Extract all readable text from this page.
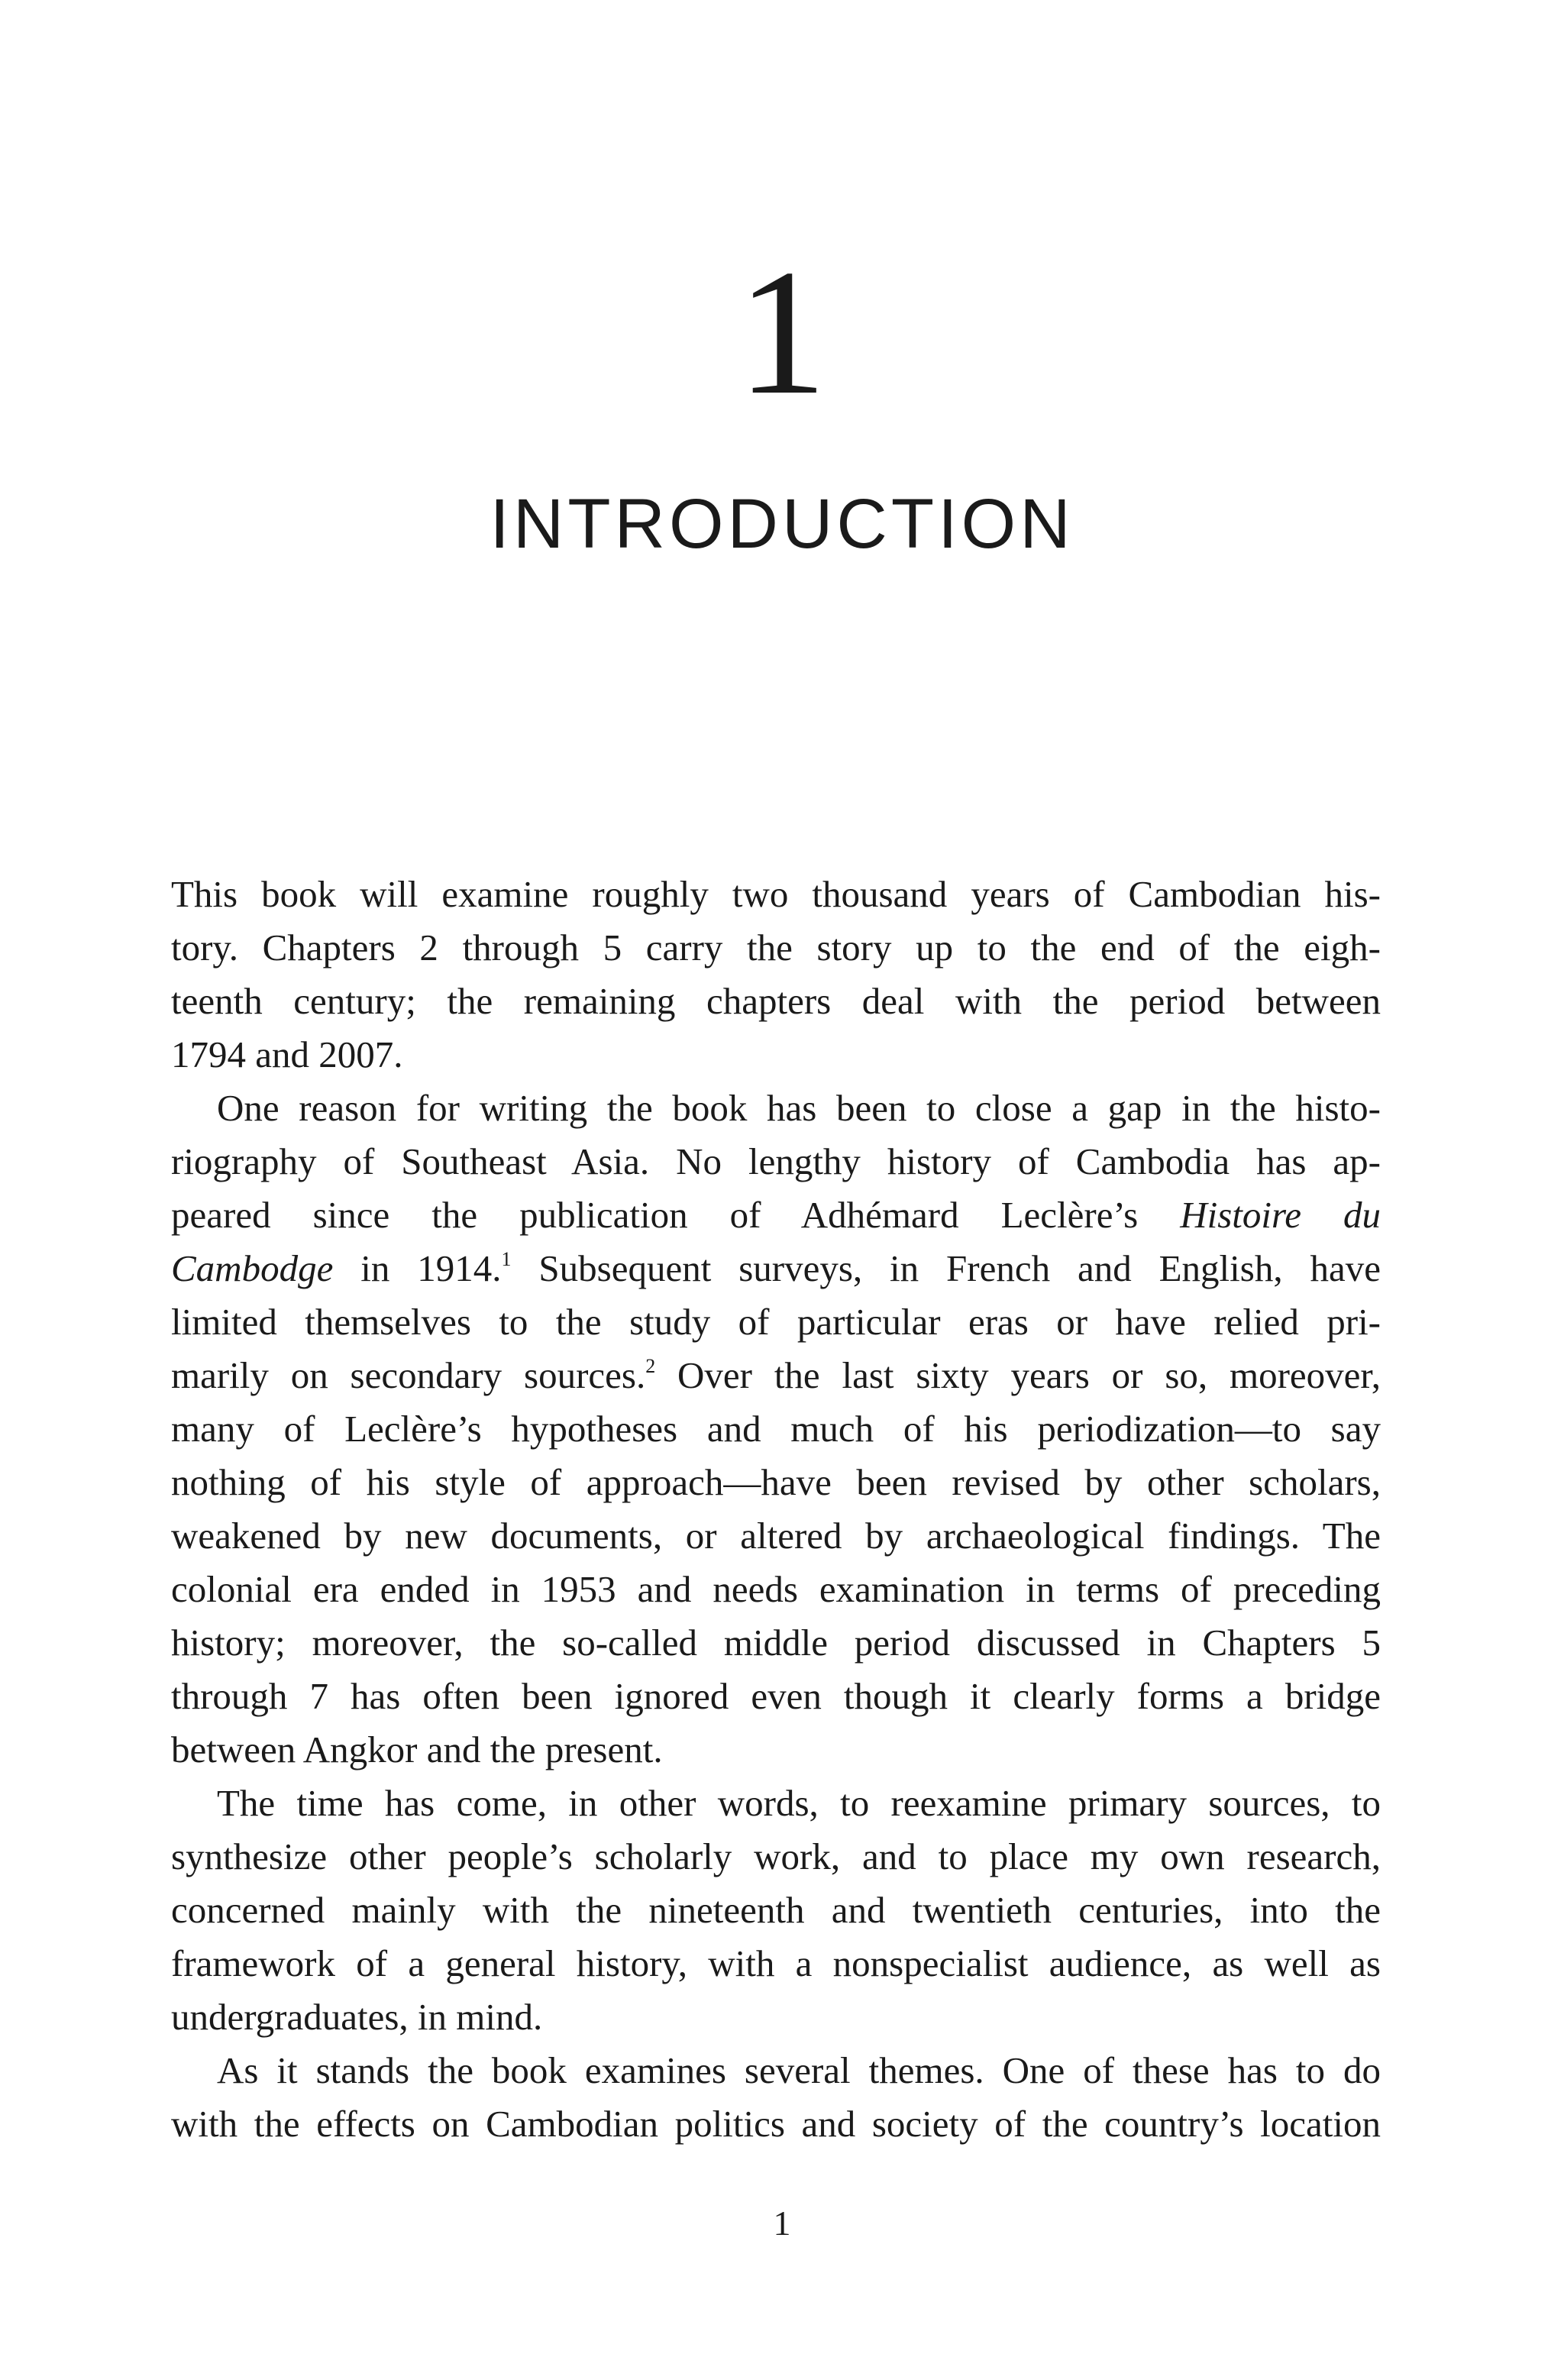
1
INTRODUCTION
This book will examine roughly two thousand years of Cambodian his-
tory. Chapters 2 through 5 carry the story up to the end of the eigh-
teenth century; the remaining chapters deal with the period between
1794 and 2007.
One reason for writing the book has been to close a gap in the histo-
riography of Southeast Asia. No lengthy history of Cambodia has ap-
peared since the publication of Adhémard Leclère’s Histoire du
Cambodge in 1914.$^1$ Subsequent surveys, in French and English, have
limited themselves to the study of particular eras or have relied pri-
marily on secondary sources.$^2$ Over the last sixty years or so, moreover,
many of Leclère’s hypotheses and much of his periodization—to say
nothing of his style of approach—have been revised by other scholars,
weakened by new documents, or altered by archaeological findings. The
colonial era ended in 1953 and needs examination in terms of preceding
history; moreover, the so-called middle period discussed in Chapters 5
through 7 has often been ignored even though it clearly forms a bridge
between Angkor and the present.
The time has come, in other words, to reexamine primary sources, to
synthesize other people’s scholarly work, and to place my own research,
concerned mainly with the nineteenth and twentieth centuries, into the
framework of a general history, with a nonspecialist audience, as well as
undergraduates, in mind.
As it stands the book examines several themes. One of these has to do
with the effects on Cambodian politics and society of the country’s location
1
